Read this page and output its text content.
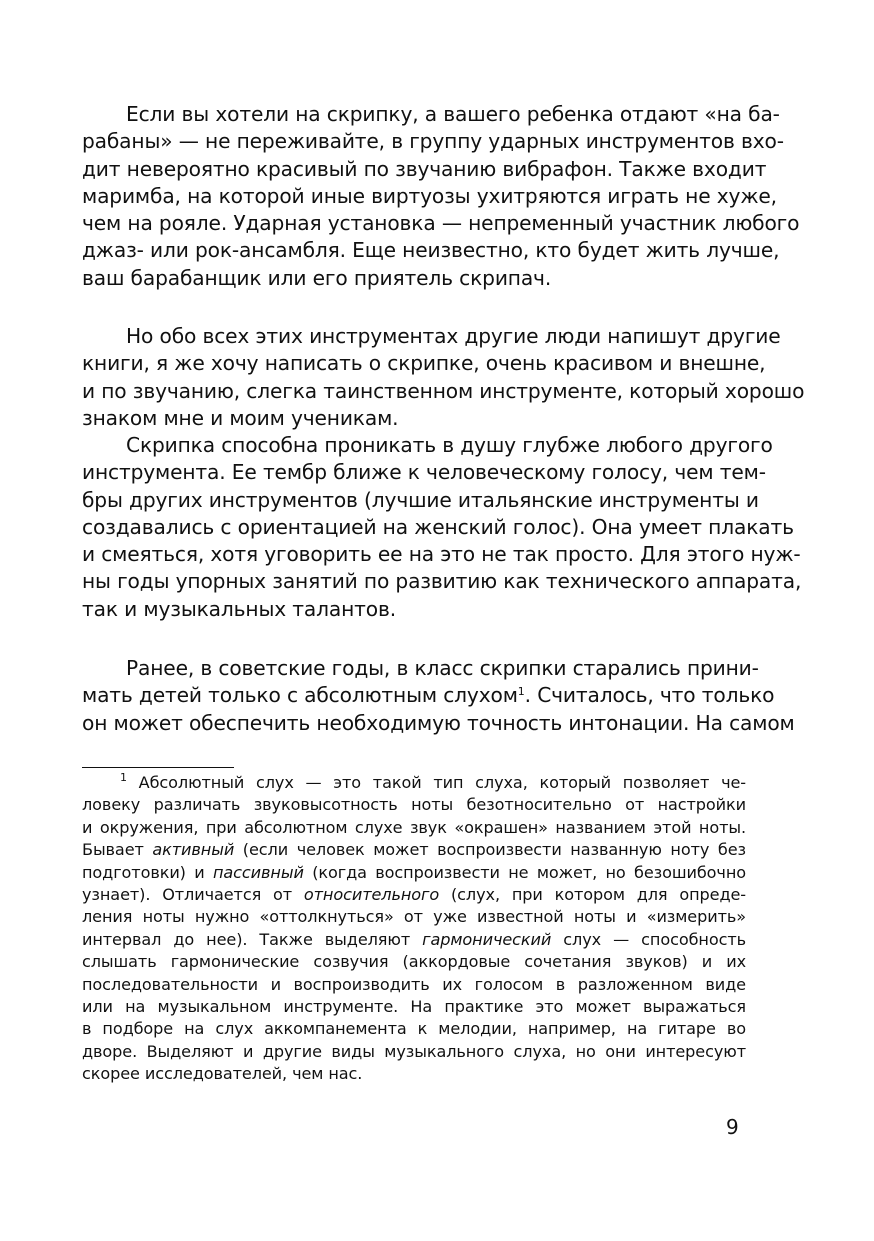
Если вы хотели на скрипку, а вашего ребенка отдают «на ба-
рабаны» — не переживайте, в группу ударных инструментов вхо-
дит невероятно красивый по звучанию вибрафон. Также входит
маримба, на которой иные виртуозы ухитряются играть не хуже,
чем на рояле. Ударная установка — непременный участник любого
джаз- или рок-ансамбля. Еще неизвестно, кто будет жить лучше,
ваш барабанщик или его приятель скрипач.
Но обо всех этих инструментах другие люди напишут другие
книги, я же хочу написать о скрипке, очень красивом и внешне,
и по звучанию, слегка таинственном инструменте, который хорошо
знаком мне и моим ученикам.
Скрипка способна проникать в душу глубже любого другого
инструмента. Ее тембр ближе к человеческому голосу, чем тем-
бры других инструментов (лучшие итальянские инструменты и
создавались с ориентацией на женский голос). Она умеет плакать
и смеяться, хотя уговорить ее на это не так просто. Для этого нуж-
ны годы упорных занятий по развитию как технического аппарата,
так и музыкальных талантов.
Ранее, в советские годы, в класс скрипки старались прини-
мать детей только с абсолютным слухом$^1$. Считалось, что только
он может обеспечить необходимую точность интонации. На самом
$^1$ Абсолютный слух — это такой тип слуха, который позволяет че-
ловеку различать звуковысотность ноты безотносительно от настройки
и окружения, при абсолютном слухе звук «окрашен» названием этой ноты.
Бывает активный (если человек может воспроизвести названную ноту без
подготовки) и пассивный (когда воспроизвести не может, но безошибочно
узнает). Отличается от относительного (слух, при котором для опреде-
ления ноты нужно «оттолкнуться» от уже известной ноты и «измерить»
интервал до нее). Также выделяют гармонический слух — способность
слышать гармонические созвучия (аккордовые сочетания звуков) и их
последовательности и воспроизводить их голосом в разложенном виде
или на музыкальном инструменте. На практике это может выражаться
в подборе на слух аккомпанемента к мелодии, например, на гитаре во
дворе. Выделяют и другие виды музыкального слуха, но они интересуют
скорее исследователей, чем нас.
9
